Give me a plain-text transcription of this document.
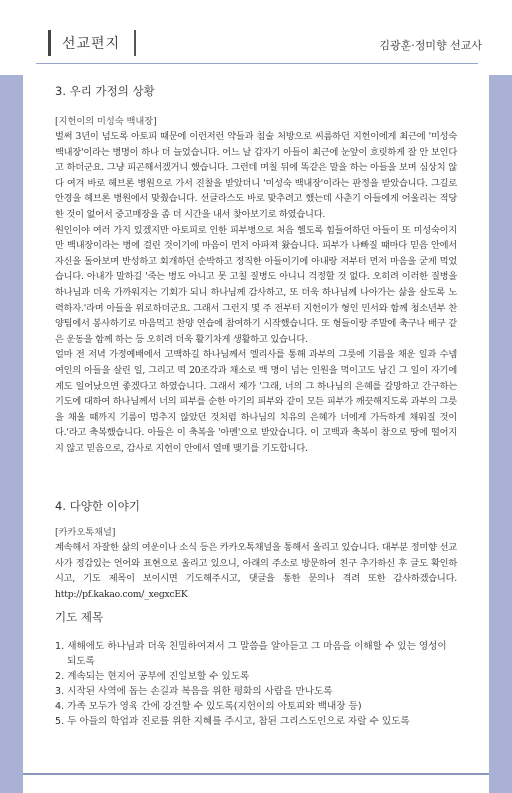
선교편지	김광훈·정미향 선교사
3. 우리 가정의 상황
[지헌이의 미성숙 백내장]

벌써 3년이 넘도록 아토피 때문에 이런저런 약들과 침술 처방으로 씨름하던 지헌이에게 최근에 '미성숙 백내장'이라는 병명이 하나 더 늘었습니다. 어느 날 갑자기 아들이 최근에 눈앞이 흐릿하게 잘 안 보인다고 하더군요. 그냥 피곤해서겠거니 했습니다. 그런데 며칠 뒤에 똑같은 말을 하는 아들을 보며 심상치 않다 여겨 바로 헤브론 병원으로 가서 진찰을 받았더니 '미성숙 백내장'이라는 판정을 받았습니다. 그길로 안경을 헤브론 병원에서 맞췄습니다. 선글라스도 바로 맞추려고 했는데 사춘기 아들에게 어울리는 적당한 것이 없어서 중고매장을 좀 더 시간을 내서 찾아보기로 하였습니다.

원인이야 여러 가지 있겠지만 아토피로 인한 피부병으로 처음 헬도록 힘들어하던 아들이 또 미성숙이지만 백내장이라는 병에 걸린 것이기에 마음이 먼저 아파져 왔습니다. 피부가 나빠질 때마다 믿음 안에서 자신을 돌아보며 반성하고 회개하던 순박하고 정직한 아들이기에 아내랑 저부터 먼저 마음을 굳게 먹었습니다. 아내가 말하길 '죽는 병도 아니고 못 고칠 질병도 아니니 걱정할 것 없다. 오히려 이러한 질병을 하나님과 더욱 가까워지는 기회가 되니 하나님께 감사하고, 또 더욱 하나님께 나아가는 삶을 살도록 노력하자.'라며 아들을 위로하더군요. 그래서 그런지 몇 주 전부터 지헌이가 형인 민서와 함께 청소년부 찬양팀에서 봉사하기로 마음먹고 찬양 연습에 참여하기 시작했습니다. 또 형들이랑 주말에 축구나 배구 같은 운동을 함께 하는 등 오히려 더욱 활기차게 생활하고 있습니다.

얼마 전 저녁 가정예배에서 고백하길 하나님께서 엘리사를 통해 과부의 그릇에 기름을 채운 일과 수넴 여인의 아들을 살린 일, 그리고 떡 20조각과 채소로 백 명이 넘는 인원을 먹이고도 남긴 그 일이 자기에게도 일어났으면 좋겠다고 하였습니다. 그래서 제가 '그래, 너의 그 하나님의 은혜를 갈망하고 간구하는 기도에 대하여 하나님께서 너의 피부를 순한 아기의 피부와 같이 모든 피부가 깨끗해지도록 과부의 그릇을 채울 때까지 기름이 멈추지 않았던 것처럼 하나님의 치유의 은혜가 너에게 가득하게 채워질 것이다.'라고 축복했습니다. 아들은 이 축복을 '아멘'으로 받았습니다. 이 고백과 축복이 참으로 땅에 떨어지지 않고 믿음으로, 감사로 지헌이 안에서 열매 맺기를 기도합니다.

4. 다양한 이야기
[카카오톡채널]

계속해서 자잘한 삶의 여운이나 소식 등은 카카오톡채널을 통해서 올리고 있습니다. 대부분 정미향 선교사가 정감있는 언어와 표현으로 올리고 있으니, 아래의 주소로 방문하여 친구 추가하신 후 글도 확인하시고, 기도 제목이 보이시면 기도해주시고, 댓글을 통한 문의나 격려 또한 감사하겠습니다. http://pf.kakao.com/_xegxcEK

기도 제목
1. 새해에도 하나님과 더욱 친밀하여져서 그 말씀을 알아듣고 그 마음을 이해할 수 있는 영성이 되도록
2. 계속되는 현지어 공부에 진일보할 수 있도록
3. 시작된 사역에 돕는 손길과 복음을 위한 평화의 사람을 만나도록
4. 가족 모두가 영육 간에 강건할 수 있도록(지헌이의 아토피와 백내장 등)
5. 두 아들의 학업과 진로를 위한 지혜를 주시고, 참된 그리스도인으로 자랄 수 있도록
